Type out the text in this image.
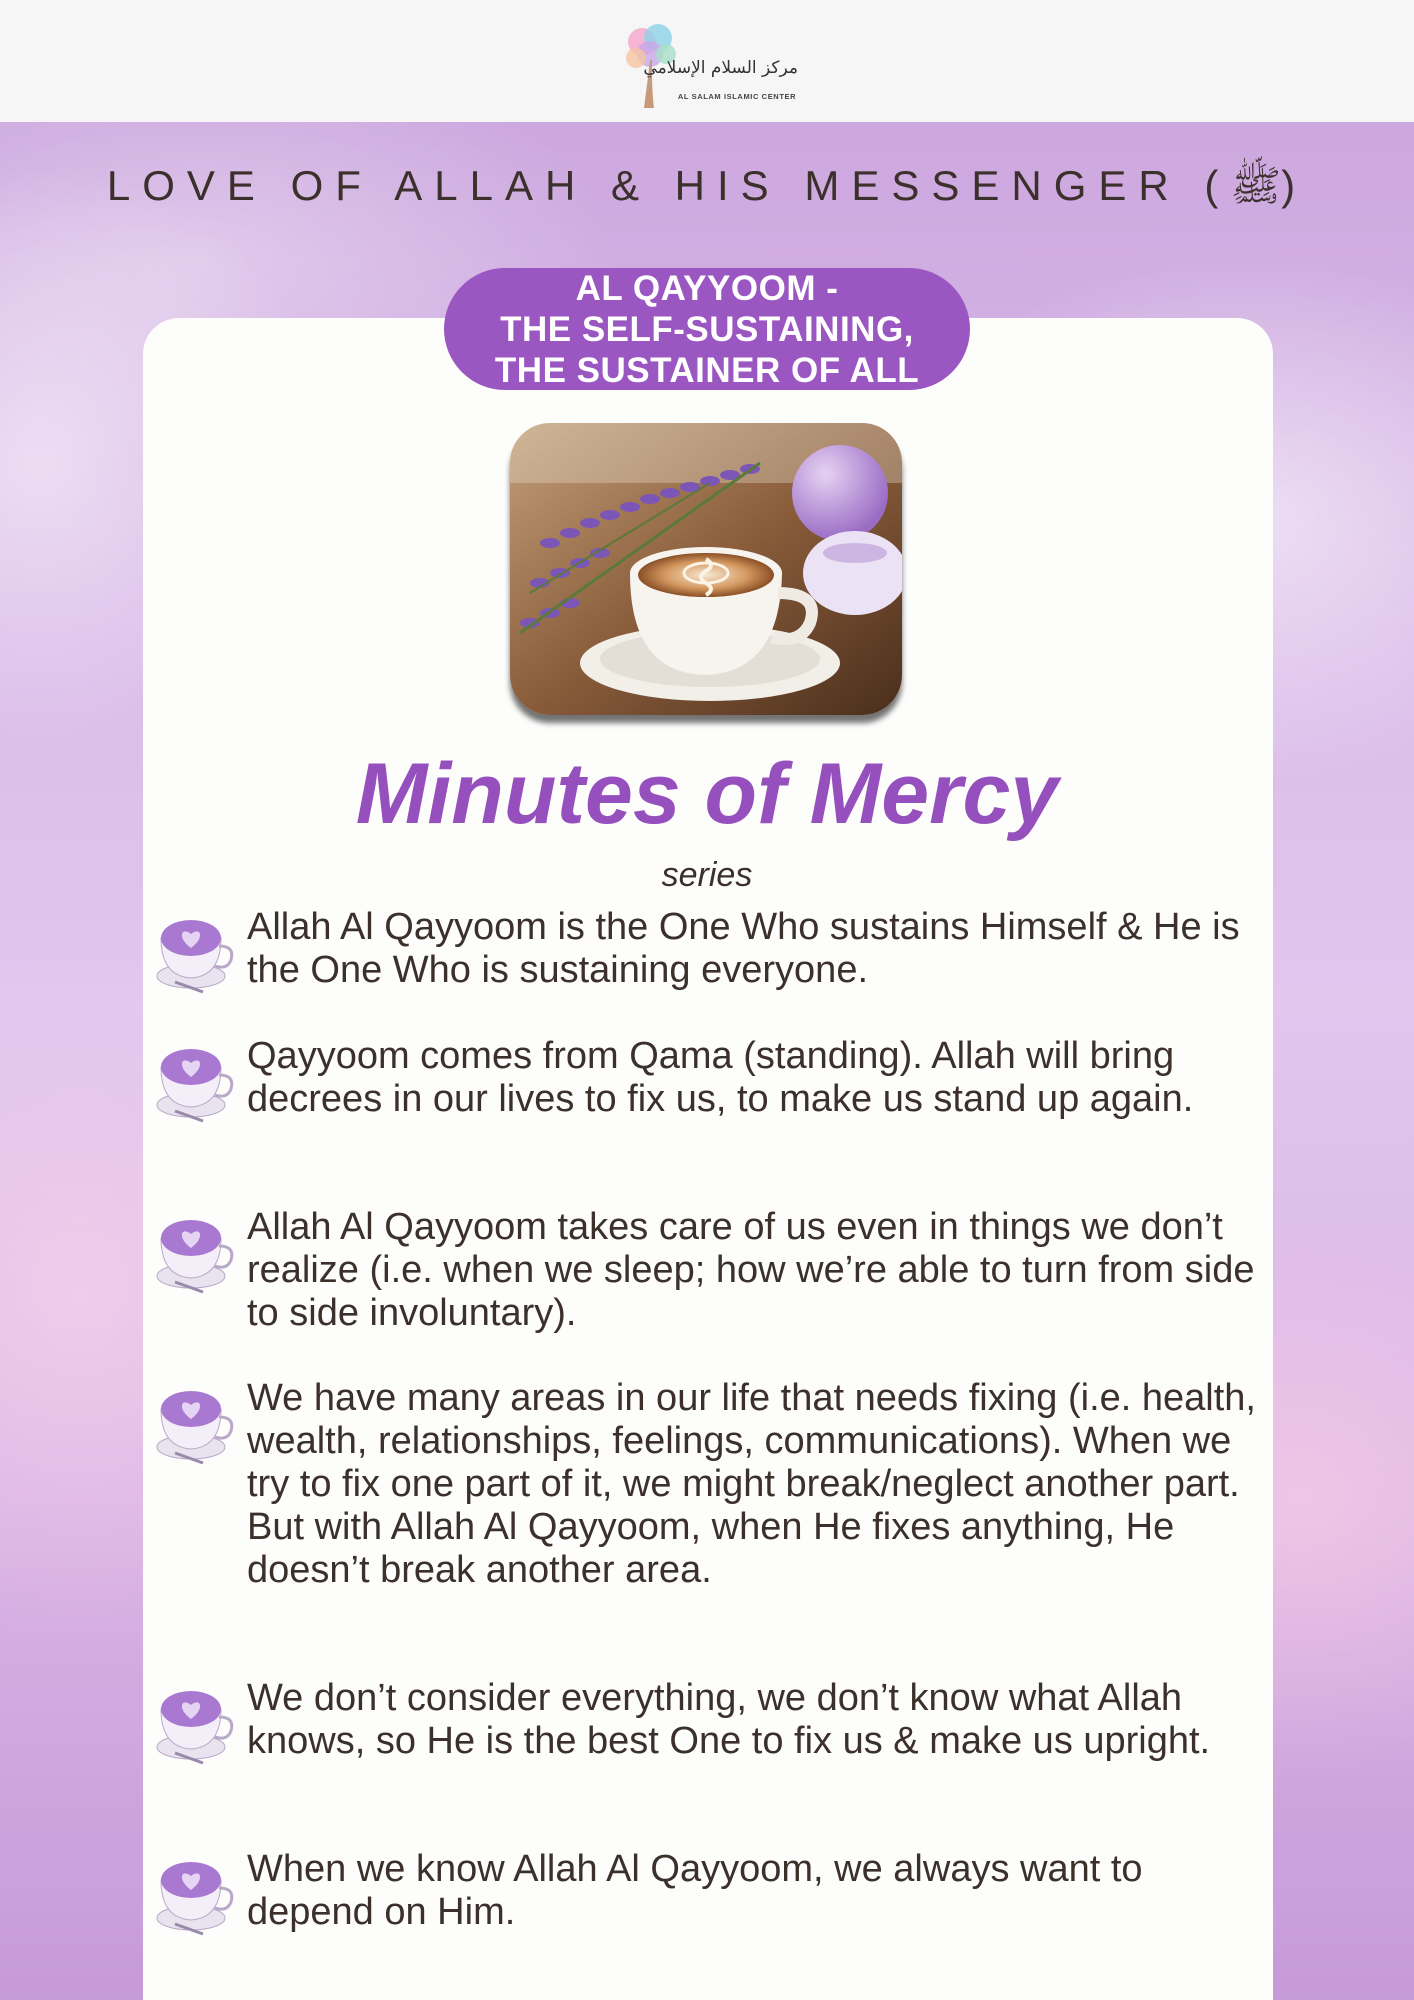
مركز السلام الإسلامي
AL SALAM ISLAMIC CENTER
LOVE OF ALLAH & HIS MESSENGER (ﷺ)
AL QAYYOOM -
THE SELF-SUSTAINING,
THE SUSTAINER OF ALL
Minutes of Mercy
series
Allah Al Qayyoom is the One Who sustains Himself & He is the One Who is sustaining everyone.
Qayyoom comes from Qama (standing). Allah will bring decrees in our lives to fix us, to make us stand up again.
Allah Al Qayyoom takes care of us even in things we don’t realize (i.e. when we sleep; how we’re able to turn from side to side involuntary).
We have many areas in our life that needs fixing (i.e. health, wealth, relationships, feelings, communications). When we try to fix one part of it, we might break/neglect another part. But with Allah Al Qayyoom, when He fixes anything, He doesn’t break another area.
We don’t consider everything, we don’t know what Allah knows, so He is the best One to fix us & make us upright.
When we know Allah Al Qayyoom, we always want to depend on Him.
